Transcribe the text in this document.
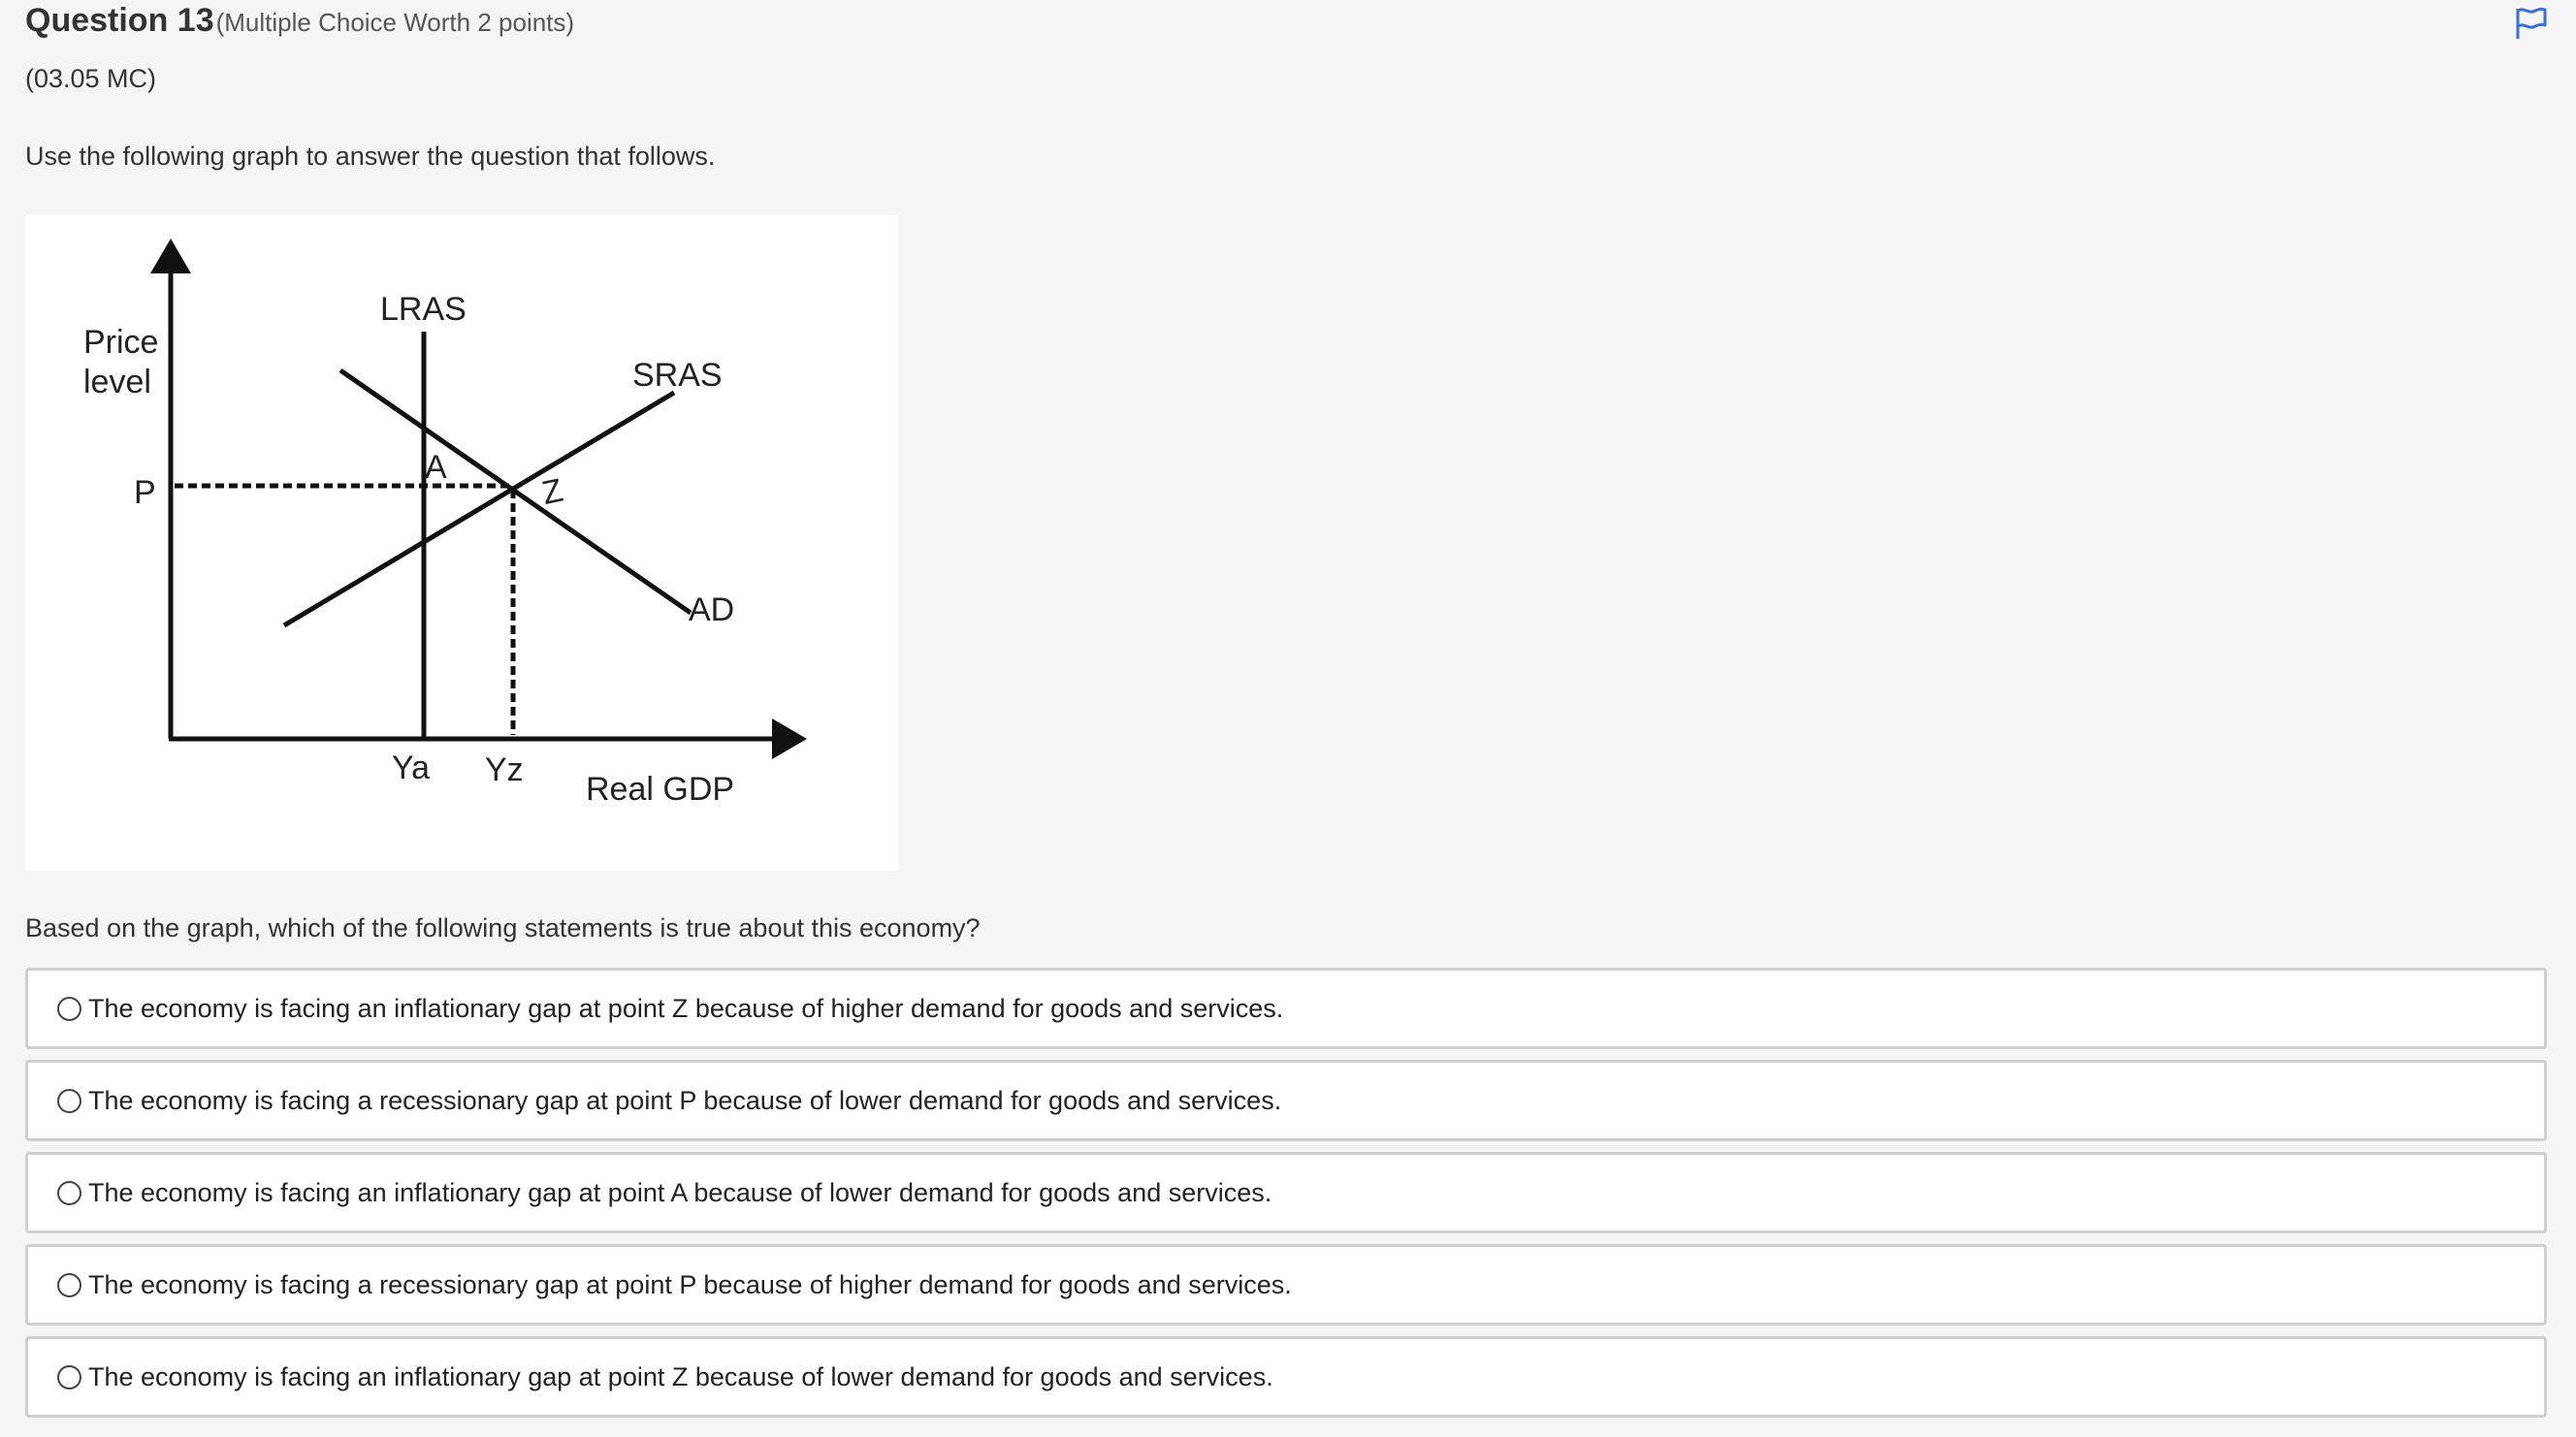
Question 13 (Multiple Choice Worth 2 points)
(03.05 MC)
Use the following graph to answer the question that follows.
Price
level
P
LRAS
SRAS
AD
A
Z
Ya Yz
Real GDP
Based on the graph, which of the following statements is true about this economy?
The economy is facing an inflationary gap at point Z because of higher demand for goods and services.
The economy is facing a recessionary gap at point P because of lower demand for goods and services.
The economy is facing an inflationary gap at point A because of lower demand for goods and services.
The economy is facing a recessionary gap at point P because of higher demand for goods and services.
The economy is facing an inflationary gap at point Z because of lower demand for goods and services.
